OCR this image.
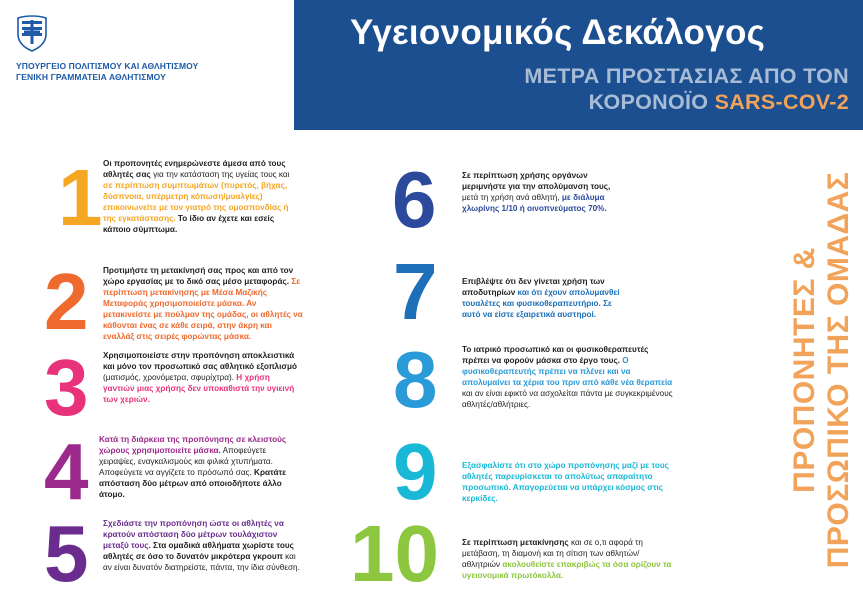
ΥΠΟΥΡΓΕΙΟ ΠΟΛΙΤΙΣΜΟΥ ΚΑΙ ΑΘΛΗΤΙΣΜΟΥ
ΓΕΝΙΚΗ ΓΡΑΜΜΑΤΕΙΑ ΑΘΛΗΤΙΣΜΟΥ
Υγειονομικός Δεκάλογος
ΜΕΤΡΑ ΠΡΟΣΤΑΣΙΑΣ ΑΠΟ ΤΟΝ
ΚΟΡΟΝΟΪΟ SARS-COV-2
1 Οι προπονητές ενημερώνεστε άμεσα από τους αθλητές σας για την κατάσταση της υγείας τους και σε περίπτωση συμπτωμάτων (πυρετός, βήχας, δύσπνοια, υπέρμετρη κόπωση/μυαλγίες) επικοινωνείτε με τον γιατρό της ομοσπονδίας ή της εγκατάστασης. Το ίδιο αν έχετε και εσείς κάποιο σύμπτωμα.
2 Προτιμήστε τη μετακίνησή σας προς και από τον χώρο εργασίας με το δικό σας μέσο μεταφοράς. Σε περίπτωση μετακίνησης με Μέσα Μαζικής Μεταφοράς χρησιμοποιείστε μάσκα. Αν μετακινείστε με πούλμαν της ομάδας, οι αθλητές να κάθονται ένας σε κάθε σειρά, στην άκρη και εναλλάξ στις σειρές φορώντας μάσκα.
3 Χρησιμοποιείστε στην προπόνηση αποκλειστικά και μόνο τον προσωπικό σας αθλητικό εξοπλισμό (ματισμός, χρονόμετρα, σφυρίχτρα). Η χρήση γαντιών μιας χρήσης δεν υποκαθιστά την υγιεινή των χεριών.
4 Κατά τη διάρκεια της προπόνησης σε κλειστούς χώρους χρησιμοποιείτε μάσκα. Αποφεύγετε χειραψίες, εναγκαλισμούς και φιλικά χτυπήματα. Αποφεύγετε να αγγίζετε το πρόσωπό σας. Κρατάτε απόσταση δύο μέτρων από οποιοδήποτε άλλο άτομο.
5 Σχεδιάστε την προπόνηση ώστε οι αθλητές να κρατούν απόσταση δύο μέτρων τουλάχιστον μεταξύ τους. Στα ομαδικά αθλήματα χωρίστε τους αθλητές σε όσο το δυνατόν μικρότερα γκρουπ και αν είναι δυνατόν διατηρείστε, πάντα, την ίδια σύνθεση.
6	Σε περίπτωση χρήσης οργάνων μεριμνήστε για την απολύμανση τους, μετά τη χρήση ανά αθλητή, με διάλυμα χλωρίνης 1/10 ή οινοπνεύματος 70%.
7	Επιβλέψτε ότι δεν γίνεται χρήση των αποδυτηρίων και ότι έχουν απολυμανθεί τουαλέτες και φυσικοθεραπευτήριο. Σε αυτό να είστε εξαιρετικά αυστηροί.
8	Το ιατρικό προσωπικό και οι φυσικοθεραπευτές πρέπει να φορούν μάσκα στο έργο τους. Ο φυσικοθεραπευτής πρέπει να πλένει και να απολυμαίνει τα χέρια του πριν από κάθε νέα θεραπεία και αν είναι εφικτό να ασχολείται πάντα με συγκεκριμένους αθλητές/αθλήτριες.
9	Εξασφαλίστε ότι στο χώρο προπόνησης μαζί με τους αθλητές παρευρίσκεται το απολύτως απαραίτητο προσωπικό. Απαγορεύεται να υπάρχει κόσμος στις κερκίδες.
10	Σε περίπτωση μετακίνησης και σε ο,τι αφορά τη μετάβαση, τη διαμονή και τη σίτιση των αθλητών/αθλητριών ακολουθείστε επακριβώς τα όσα ορίζουν τα υγειονομικά πρωτόκολλα.
ΠΡΟΠΟΝΗΤΕΣ & ΠΡΟΣΩΠΙΚΟ ΤΗΣ ΟΜΑΔΑΣ
